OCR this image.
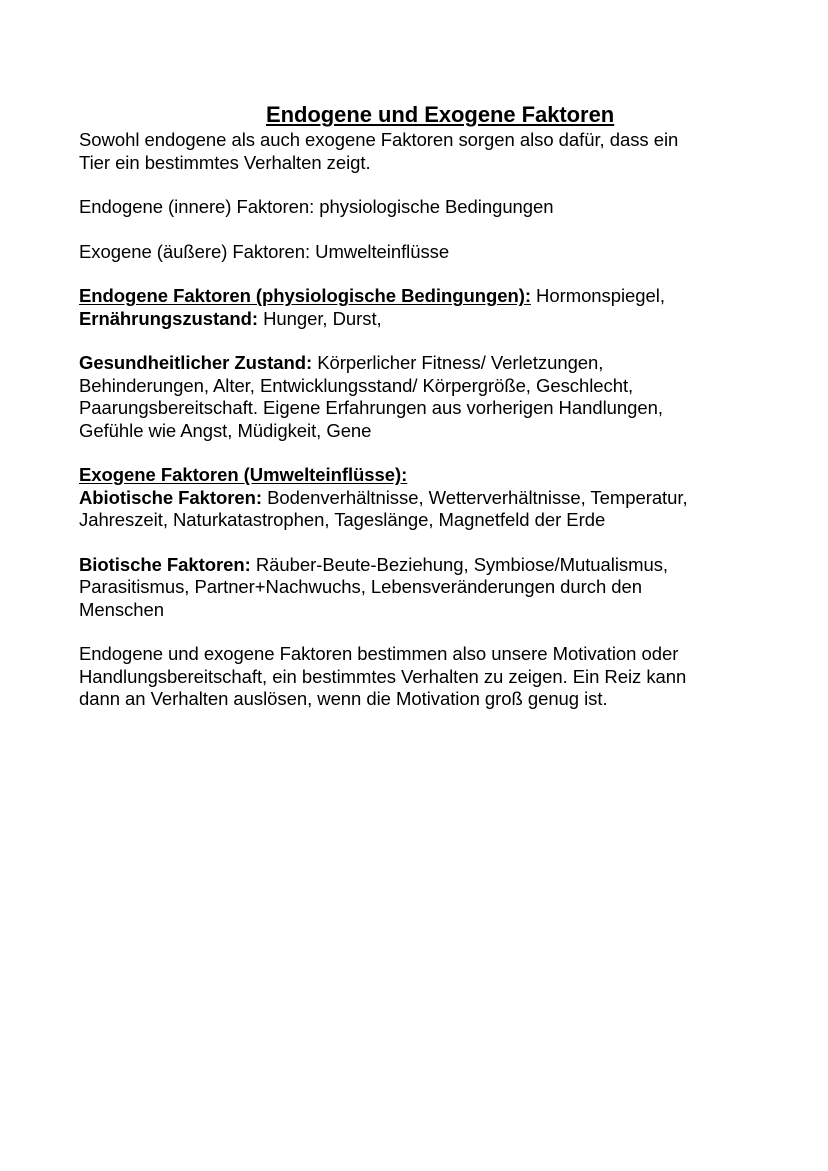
Endogene und Exogene Faktoren
Sowohl endogene als auch exogene Faktoren sorgen also dafür, dass ein
Tier ein bestimmtes Verhalten zeigt.
Endogene (innere) Faktoren: physiologische Bedingungen
Exogene (äußere) Faktoren: Umwelteinflüsse
Endogene Faktoren (physiologische Bedingungen): Hormonspiegel,
Ernährungszustand: Hunger, Durst,
Gesundheitlicher Zustand: Körperlicher Fitness/ Verletzungen,
Behinderungen, Alter, Entwicklungsstand/ Körpergröße, Geschlecht,
Paarungsbereitschaft. Eigene Erfahrungen aus vorherigen Handlungen,
Gefühle wie Angst, Müdigkeit, Gene
Exogene Faktoren (Umwelteinflüsse):
Abiotische Faktoren: Bodenverhältnisse, Wetterverhältnisse, Temperatur,
Jahreszeit, Naturkatastrophen, Tageslänge, Magnetfeld der Erde
Biotische Faktoren: Räuber-Beute-Beziehung, Symbiose/Mutualismus,
Parasitismus, Partner+Nachwuchs, Lebensveränderungen durch den
Menschen
Endogene und exogene Faktoren bestimmen also unsere Motivation oder
Handlungsbereitschaft, ein bestimmtes Verhalten zu zeigen. Ein Reiz kann
dann an Verhalten auslösen, wenn die Motivation groß genug ist.
